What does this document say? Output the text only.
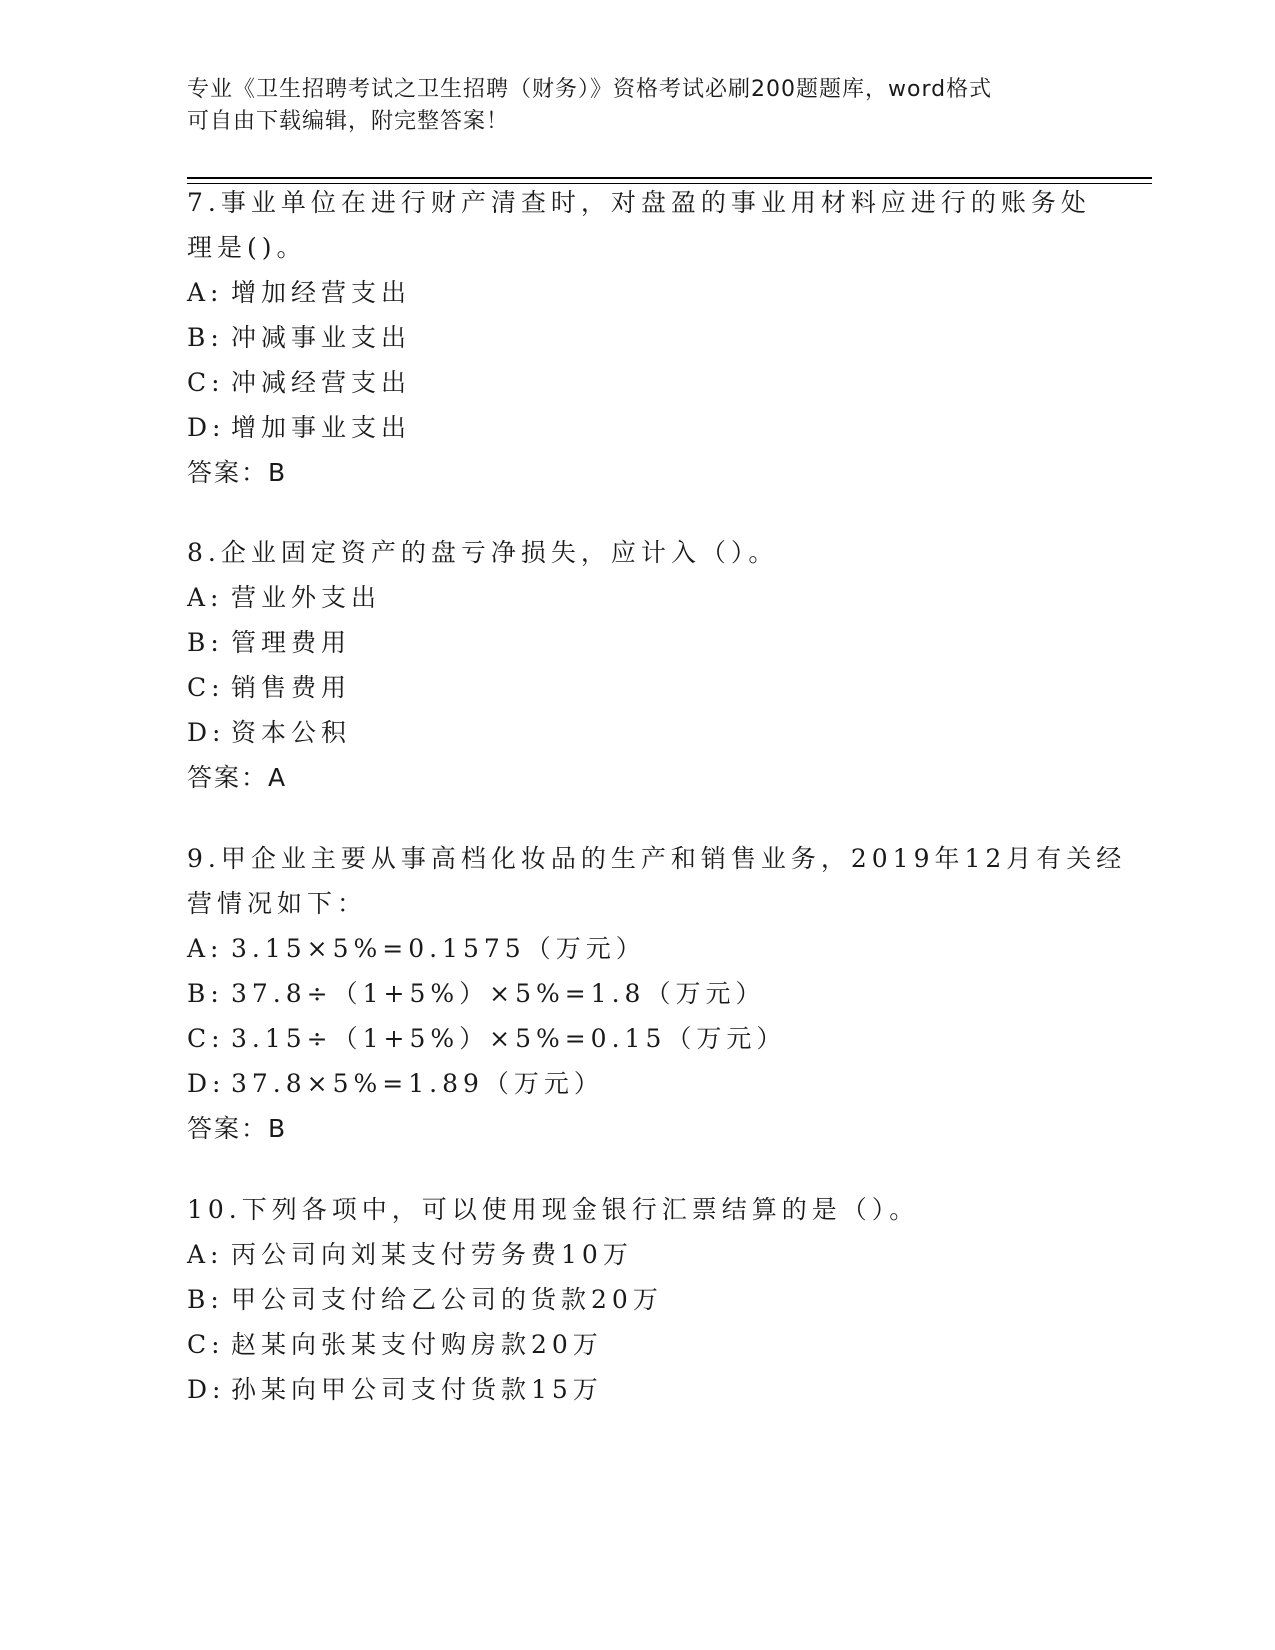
专业《卫生招聘考试之卫生招聘（财务）》资格考试必刷200题题库，word格式
可自由下载编辑，附完整答案！
7.事业单位在进行财产清查时，对盘盈的事业用材料应进行的账务处
理是()。
A: 增加经营支出
B: 冲减事业支出
C: 冲减经营支出
D: 增加事业支出
答案：B
8.企业固定资产的盘亏净损失，应计入（）。
A: 营业外支出
B: 管理费用
C: 销售费用
D: 资本公积
答案：A
9.甲企业主要从事高档化妆品的生产和销售业务，2019年12月有关经
营情况如下：
A: 3.15×5%=0.1575（万元）
B: 37.8÷（1+5%）×5%=1.8（万元）
C: 3.15÷（1+5%）×5%=0.15（万元）
D: 37.8×5%=1.89（万元）
答案：B
10.下列各项中，可以使用现金银行汇票结算的是（）。
A: 丙公司向刘某支付劳务费10万
B: 甲公司支付给乙公司的货款20万
C: 赵某向张某支付购房款20万
D: 孙某向甲公司支付货款15万
